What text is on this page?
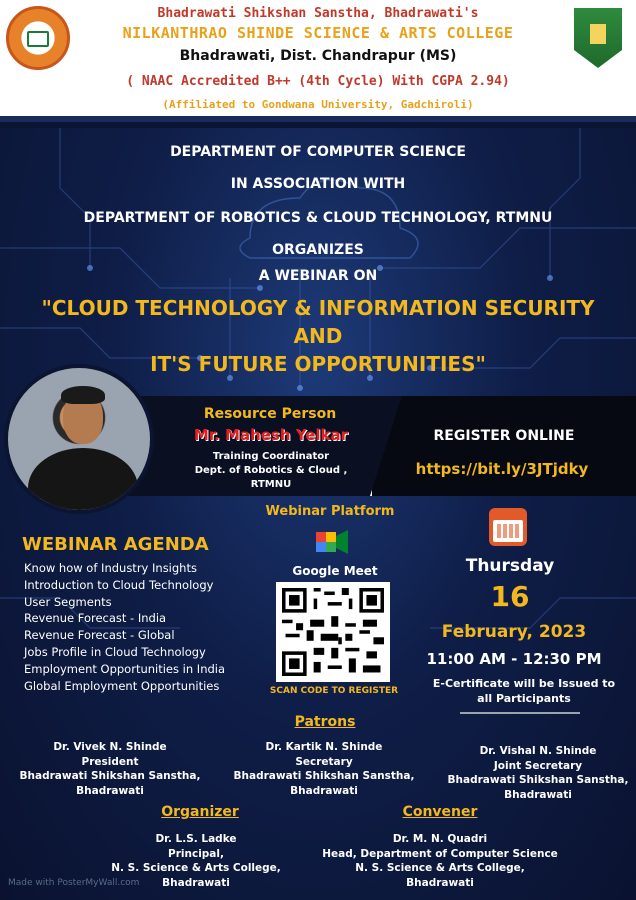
Bhadrawati Shikshan Sanstha, Bhadrawati's
NILKANTHRAO SHINDE SCIENCE & ARTS COLLEGE
Bhadrawati, Dist. Chandrapur (MS)
( NAAC Accredited B++ (4th Cycle) With CGPA 2.94)
(Affiliated to Gondwana University, Gadchiroli)
DEPARTMENT OF COMPUTER SCIENCE
IN ASSOCIATION WITH
DEPARTMENT OF ROBOTICS & CLOUD TECHNOLOGY, RTMNU
ORGANIZES
A WEBINAR ON
"CLOUD TECHNOLOGY & INFORMATION SECURITY
AND
IT'S FUTURE OPPORTUNITIES"
Resource Person
Mr. Mahesh Yelkar
Training Coordinator
Dept. of Robotics & Cloud ,
RTMNU
REGISTER ONLINE
https://bit.ly/3JTjdky
Webinar Platform
WEBINAR AGENDA
Know how of Industry Insights
Introduction to Cloud Technology
User Segments
Revenue Forecast - India
Revenue Forecast - Global
Jobs Profile in Cloud Technology
Employment Opportunities in India
Global Employment Opportunities
Google Meet
SCAN CODE TO REGISTER
Thursday
16
February, 2023
11:00 AM - 12:30 PM
E-Certificate will be Issued to
all Participants
Patrons
Dr. Vivek N. Shinde
President
Bhadrawati Shikshan Sanstha,
Bhadrawati
Dr. Kartik N. Shinde
Secretary
Bhadrawati Shikshan Sanstha,
Bhadrawati
Dr. Vishal N. Shinde
Joint Secretary
Bhadrawati Shikshan Sanstha,
Bhadrawati
Organizer	Convener
Dr. L.S. Ladke
Principal,
N. S. Science & Arts College,
Bhadrawati
Dr. M. N. Quadri
Head, Department of Computer Science
N. S. Science & Arts College,
Bhadrawati
Made with PosterMyWall.com
